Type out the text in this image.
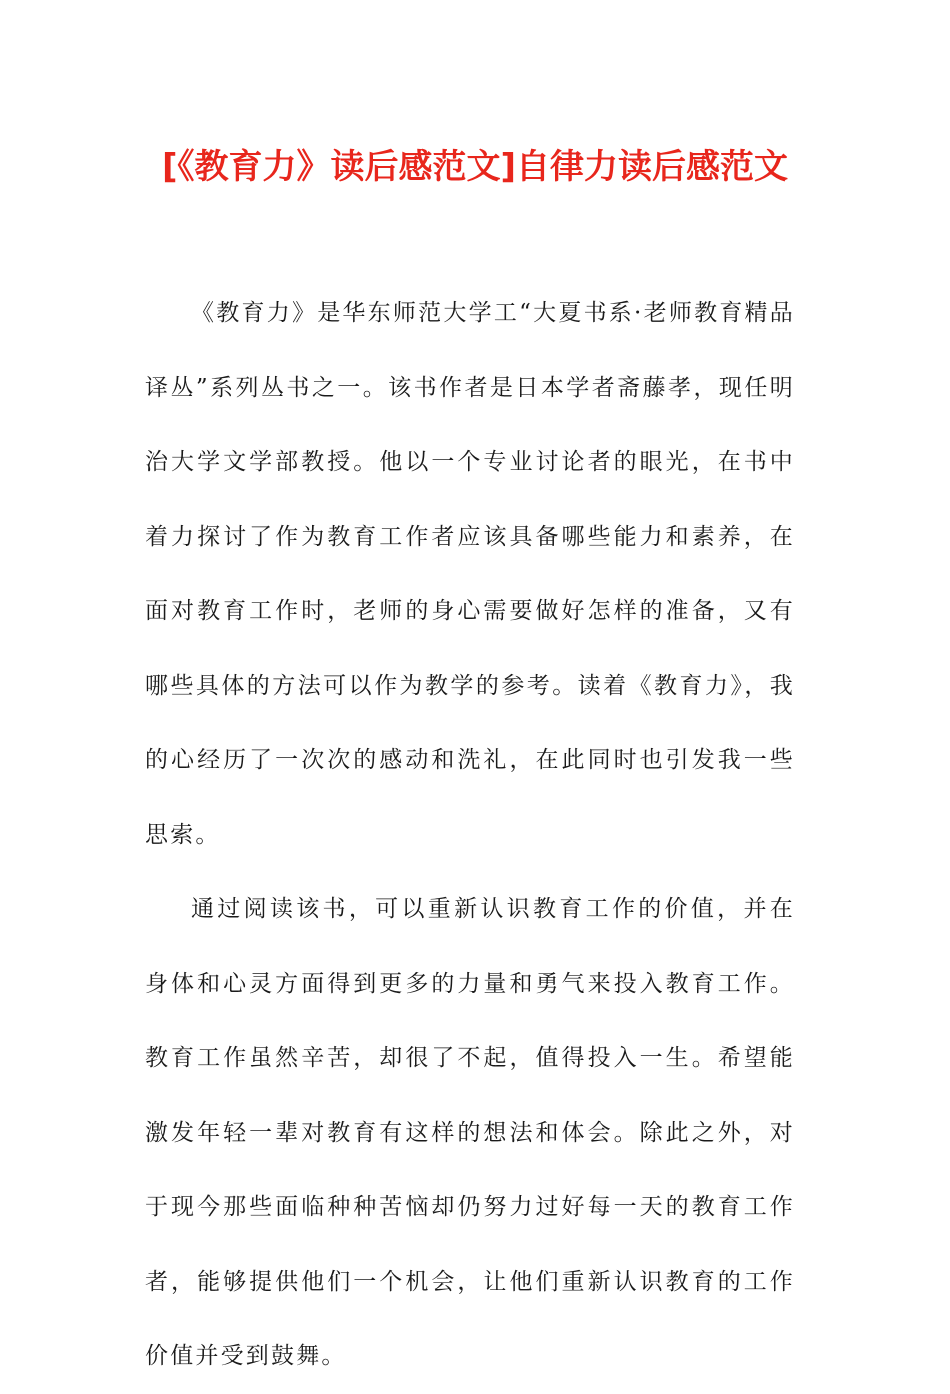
[《教育力》读后感范文]自律力读后感范文

《教育力》是华东师范大学工“大夏书系·老师教育精品译丛”系列丛书之一。该书作者是日本学者斋藤孝，现任明治大学文学部教授。他以一个专业讨论者的眼光，在书中着力探讨了作为教育工作者应该具备哪些能力和素养，在面对教育工作时，老师的身心需要做好怎样的准备，又有哪些具体的方法可以作为教学的参考。读着《教育力》，我的心经历了一次次的感动和洗礼，在此同时也引发我一些思索。

通过阅读该书，可以重新认识教育工作的价值，并在身体和心灵方面得到更多的力量和勇气来投入教育工作。教育工作虽然辛苦，却很了不起，值得投入一生。希望能激发年轻一辈对教育有这样的想法和体会。除此之外，对于现今那些面临种种苦恼却仍努力过好每一天的教育工作者，能够提供他们一个机会，让他们重新认识教育的工作价值并受到鼓舞。
